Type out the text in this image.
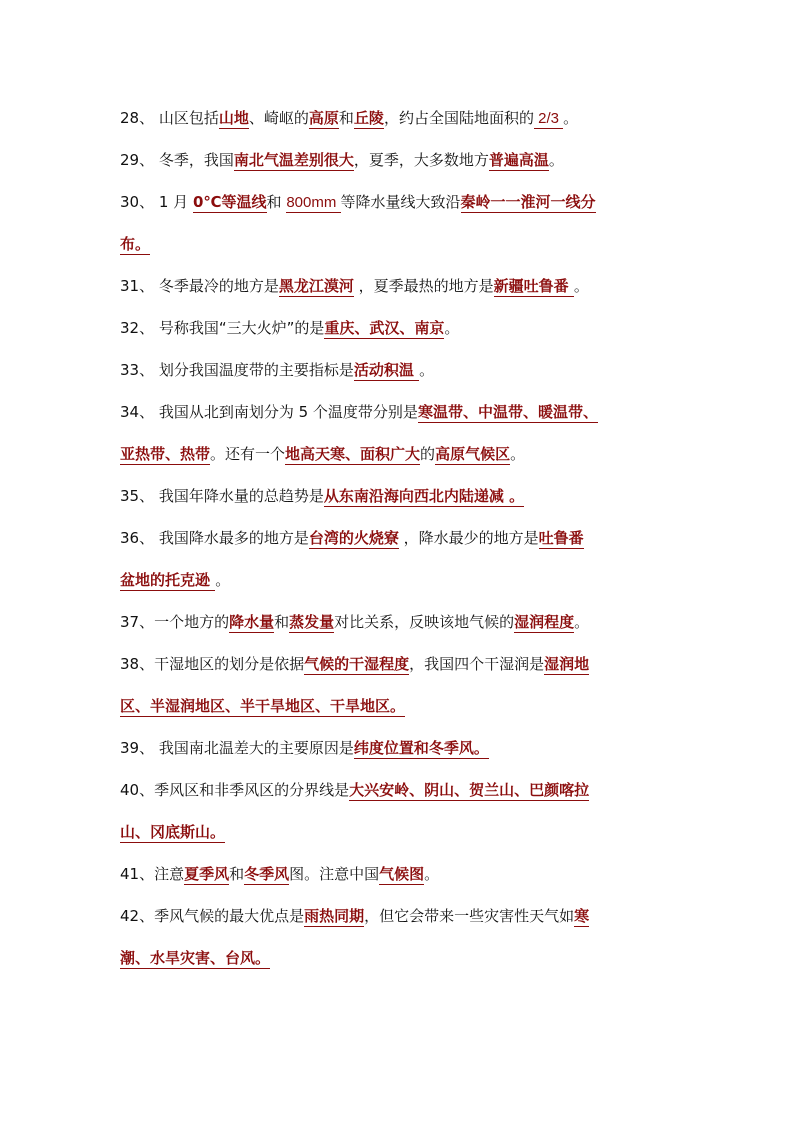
28、 山区包括山地、崎岖的高原和丘陵，约占全国陆地面积的 2/3 。
29、 冬季，我国南北气温差别很大，夏季，大多数地方普遍高温。
30、 1 月 0℃等温线和 800mm 等降水量线大致沿秦岭一一淮河一线分
布。
31、 冬季最冷的地方是黑龙江漠河 ，夏季最热的地方是新疆吐鲁番 。
32、 号称我国“三大火炉”的是重庆、武汉、南京。
33、 划分我国温度带的主要指标是活动积温 。
34、 我国从北到南划分为 5 个温度带分别是寒温带、中温带、暖温带、
亚热带、热带。还有一个地高天寒、面积广大的高原气候区。
35、 我国年降水量的总趋势是从东南沿海向西北内陆递减 。
36、 我国降水最多的地方是台湾的火烧寮 ，降水最少的地方是吐鲁番
盆地的托克逊 。
37、一个地方的降水量和蒸发量对比关系，反映该地气候的湿润程度。
38、干湿地区的划分是依据气候的干湿程度，我国四个干湿润是湿润地
区、半湿润地区、半干旱地区、干旱地区。
39、 我国南北温差大的主要原因是纬度位置和冬季风。
40、季风区和非季风区的分界线是大兴安岭、阴山、贺兰山、巴颜喀拉
山、冈底斯山。
41、注意夏季风和冬季风图。注意中国气候图。
42、季风气候的最大优点是雨热同期，但它会带来一些灾害性天气如寒
潮、水旱灾害、台风。
